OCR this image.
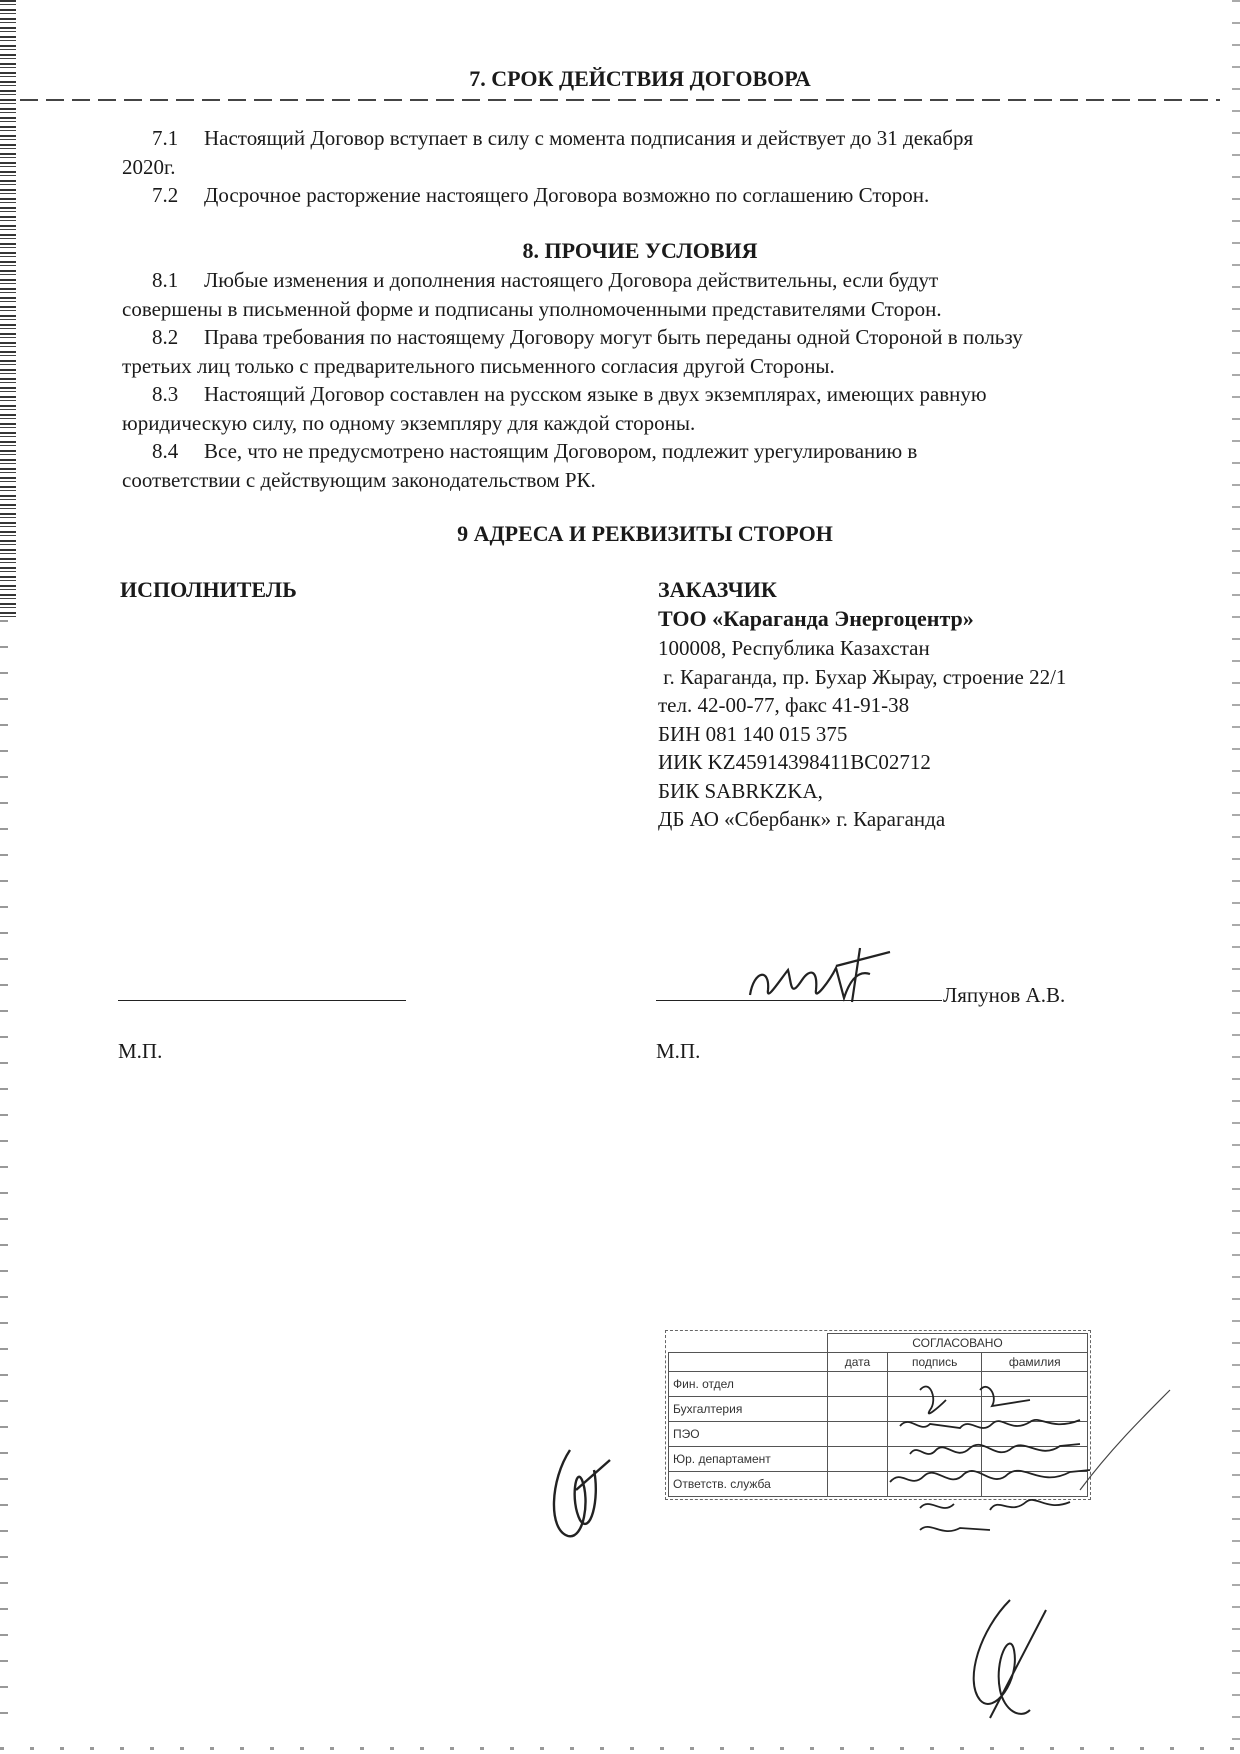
7. СРОК ДЕЙСТВИЯ ДОГОВОРА
7.1 Настоящий Договор вступает в силу с момента подписания и действует до 31 декабря
2020г.
7.2 Досрочное расторжение настоящего Договора возможно по соглашению Сторон.
8. ПРОЧИЕ УСЛОВИЯ
8.1 Любые изменения и дополнения настоящего Договора действительны, если будут
совершены в письменной форме и подписаны уполномоченными представителями Сторон.
8.2 Права требования по настоящему Договору могут быть переданы одной Стороной в пользу
третьих лиц только с предварительного письменного согласия другой Стороны.
8.3 Настоящий Договор составлен на русском языке в двух экземплярах, имеющих равную
юридическую силу, по одному экземпляру для каждой стороны.
8.4 Все, что не предусмотрено настоящим Договором, подлежит урегулированию в
соответствии с действующим законодательством РК.
9 АДРЕСА И РЕКВИЗИТЫ СТОРОН
ИСПОЛНИТЕЛЬ
М.П.
ЗАКАЗЧИК
ТОО «Караганда Энергоцентр»
100008, Республика Казахстан
г. Караганда, пр. Бухар Жырау, строение 22/1
тел. 42-00-77, факс 41-91-38
БИН 081 140 015 375
ИИК KZ45914398411BC02712
БИК SABRKZKA,
ДБ АО «Сбербанк» г. Караганда
Ляпунов А.В.
М.П.
	СОГЛАСОВАНО		
	дата	подпись	фамилия
Фин. отдел			
Бухгалтерия			
ПЭО			
Юр. департамент			
Ответств. служба			
